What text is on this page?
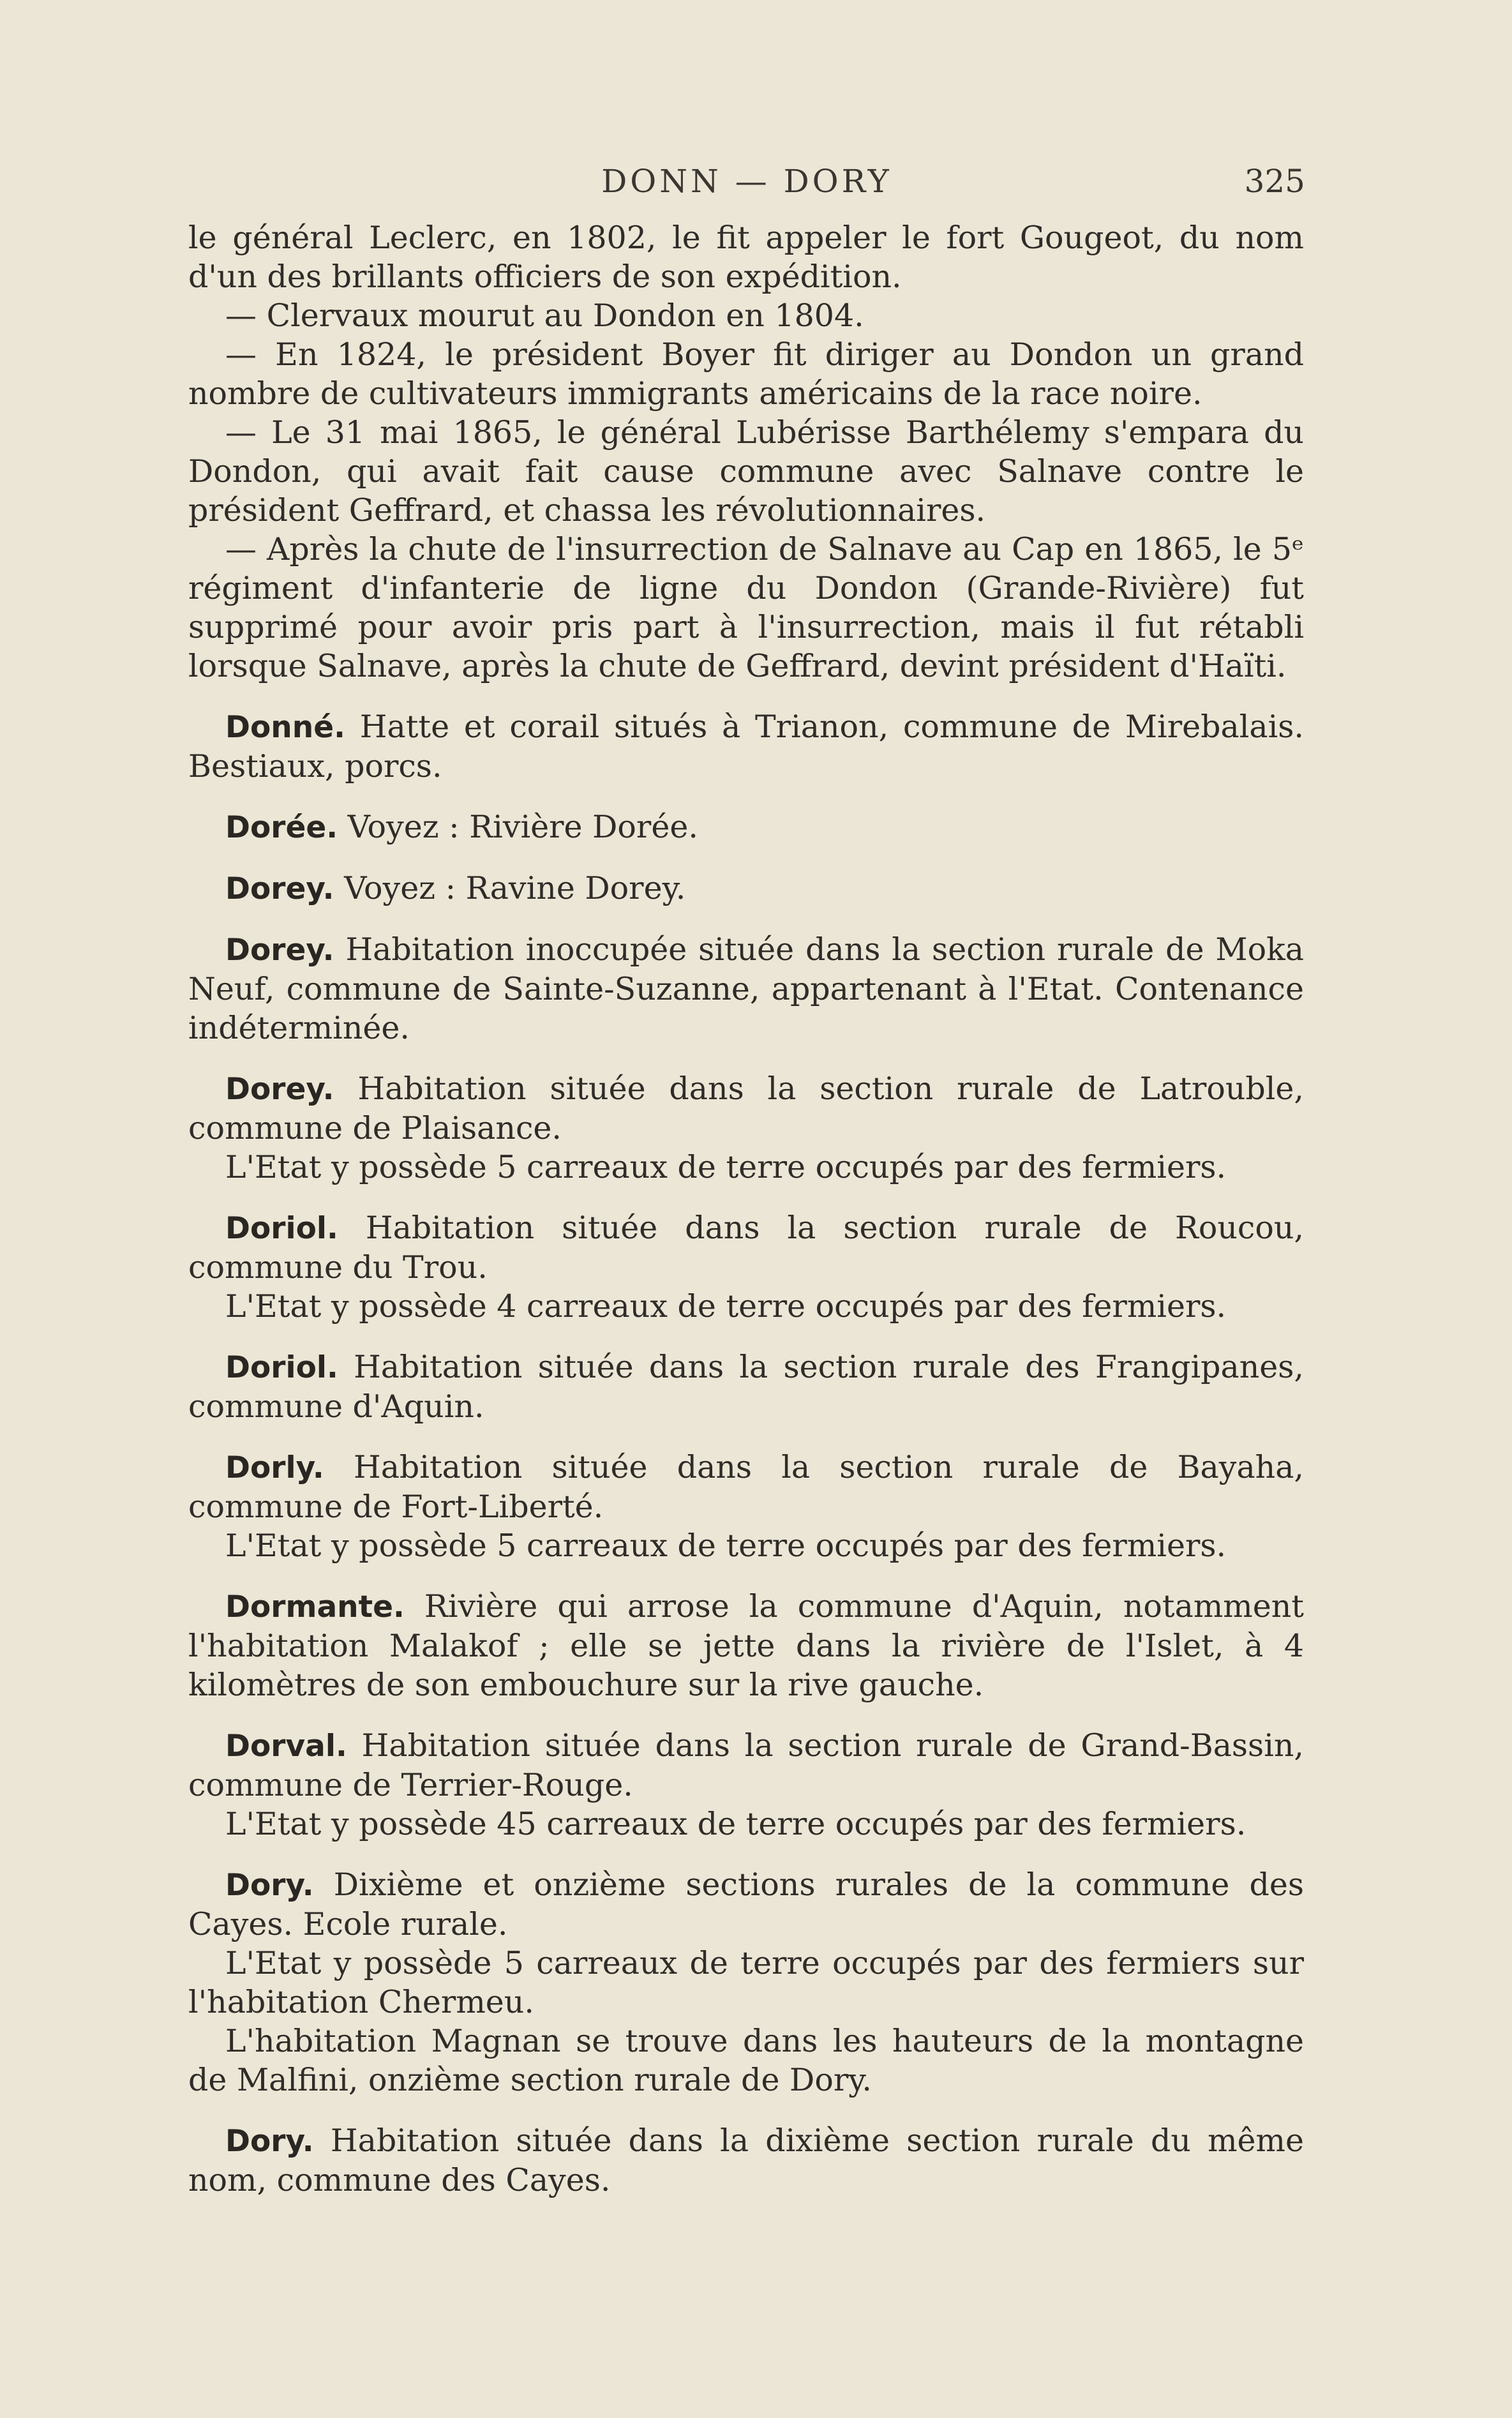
DONN — DORY	325

le général Leclerc, en 1802, le fit appeler le fort Gougeot, du nom d'un des brillants officiers de son expédition.

— Clervaux mourut au Dondon en 1804.

— En 1824, le président Boyer fit diriger au Dondon un grand nombre de cultivateurs immigrants américains de la race noire.

— Le 31 mai 1865, le général Lubérisse Barthélemy s'empara du Dondon, qui avait fait cause commune avec Salnave contre le président Geffrard, et chassa les révolutionnaires.

— Après la chute de l'insurrection de Salnave au Cap en 1865, le 5ᵉ régiment d'infanterie de ligne du Dondon (Grande-Rivière) fut supprimé pour avoir pris part à l'insurrection, mais il fut rétabli lorsque Salnave, après la chute de Geffrard, devint président d'Haïti.

Donné. Hatte et corail situés à Trianon, commune de Mirebalais. Bestiaux, porcs.

Dorée. Voyez : Rivière Dorée.

Dorey. Voyez : Ravine Dorey.

Dorey. Habitation inoccupée située dans la section rurale de Moka Neuf, commune de Sainte-Suzanne, appartenant à l'Etat. Contenance indéterminée.

Dorey. Habitation située dans la section rurale de Latrouble, commune de Plaisance.

L'Etat y possède 5 carreaux de terre occupés par des fermiers.

Doriol. Habitation située dans la section rurale de Roucou, commune du Trou.

L'Etat y possède 4 carreaux de terre occupés par des fermiers.

Doriol. Habitation située dans la section rurale des Frangipanes, commune d'Aquin.

Dorly. Habitation située dans la section rurale de Bayaha, commune de Fort-Liberté.

L'Etat y possède 5 carreaux de terre occupés par des fermiers.

Dormante. Rivière qui arrose la commune d'Aquin, notamment l'habitation Malakof ; elle se jette dans la rivière de l'Islet, à 4 kilomètres de son embouchure sur la rive gauche.

Dorval. Habitation située dans la section rurale de Grand-Bassin, commune de Terrier-Rouge.

L'Etat y possède 45 carreaux de terre occupés par des fermiers.

Dory. Dixième et onzième sections rurales de la commune des Cayes. Ecole rurale.

L'Etat y possède 5 carreaux de terre occupés par des fermiers sur l'habitation Chermeu.

L'habitation Magnan se trouve dans les hauteurs de la montagne de Malfini, onzième section rurale de Dory.

Dory. Habitation située dans la dixième section rurale du même nom, commune des Cayes.
